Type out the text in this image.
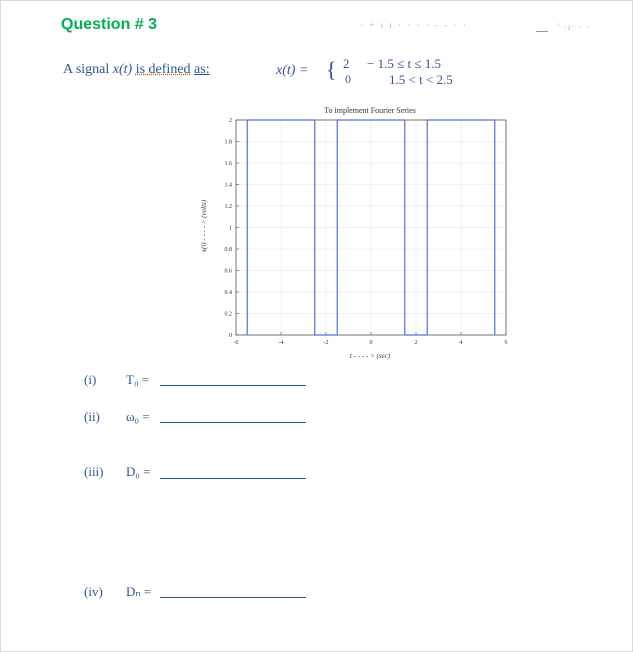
Question # 3	· + ı ı · · · · - - · ·	' ·ı· · ·
A signal x(t) is defined as:	x(t) = { 2 − 1.5 ≤ t ≤ 1.5
0	1.5 < t < 2.5
To implement Fourier Series
-6	-4	-2	0	2	4	6
0
0.2
0.4
0.6
0.8
1
1.2
1.4
1.6
1.8
2
t - - - - > (sec)
x(t) - - - - > (volts)
(i) T₀ =
(ii) ω₀ =
(iii) D₀ =
(iv) Dₙ =
